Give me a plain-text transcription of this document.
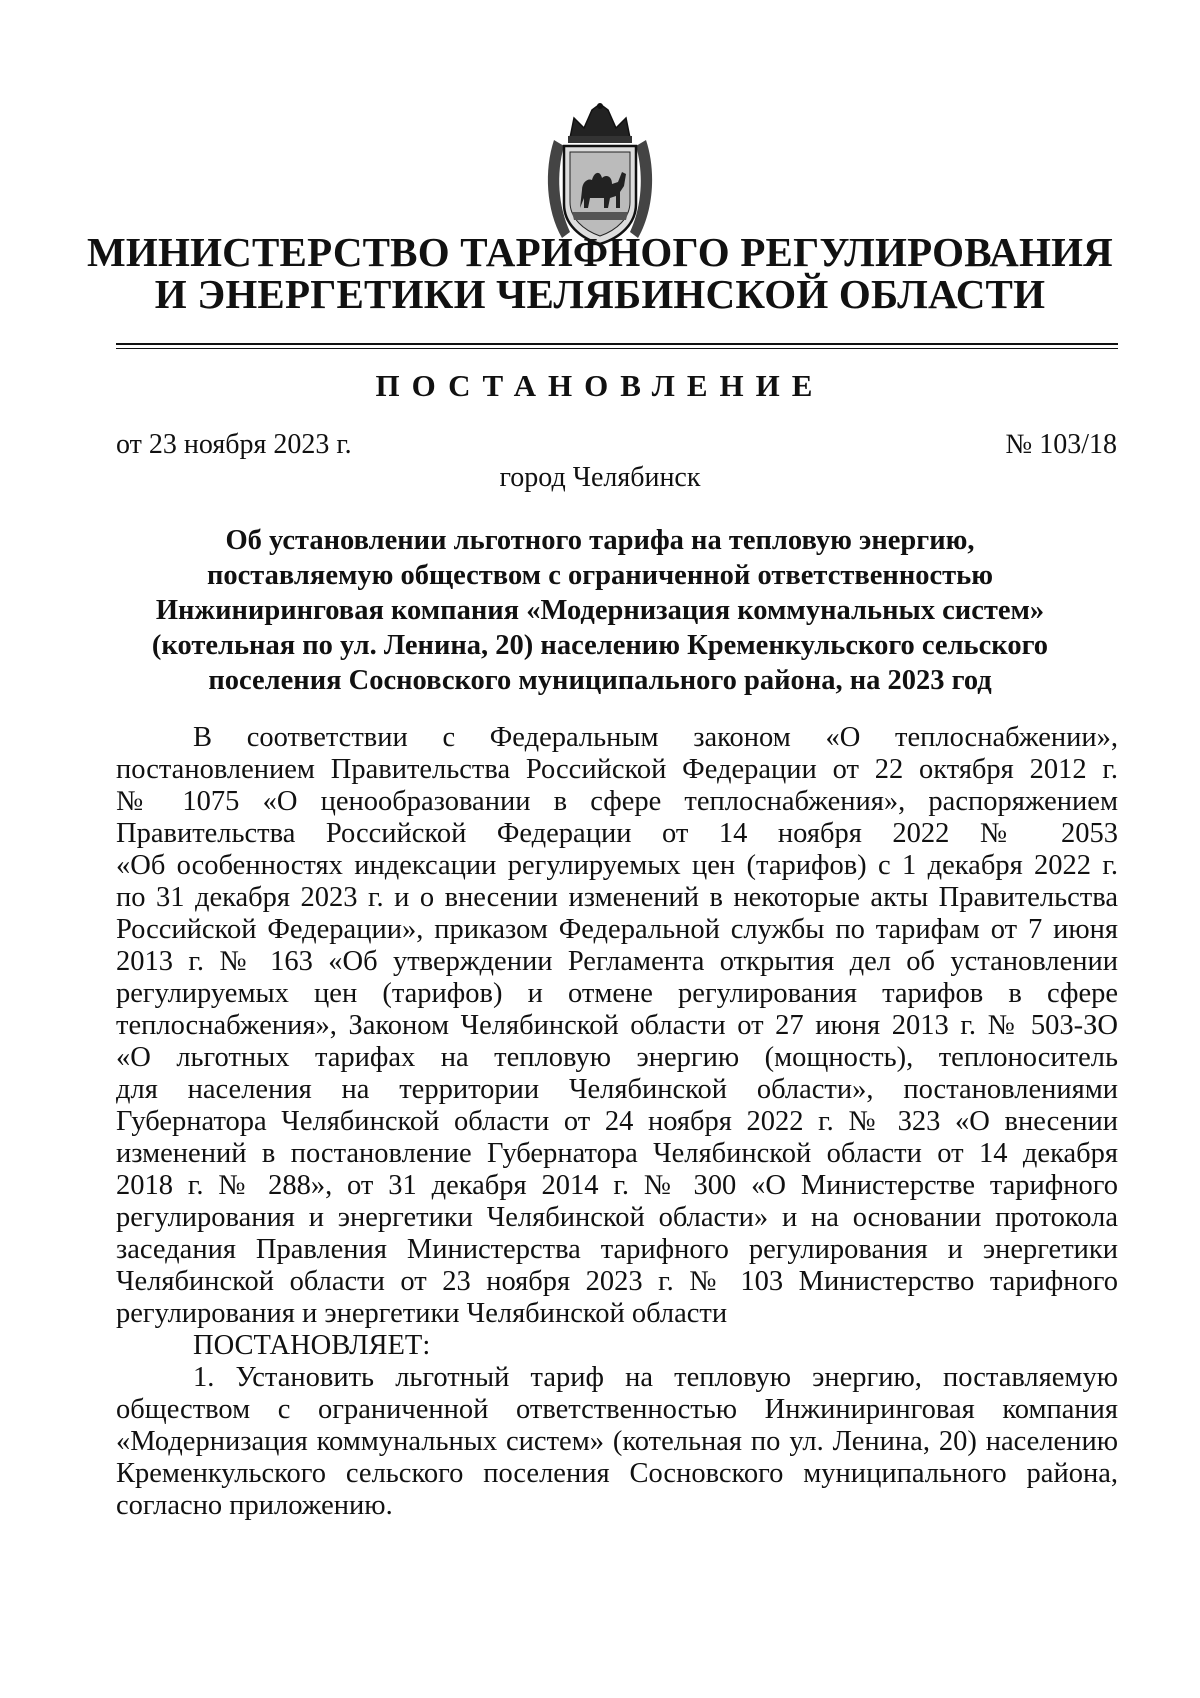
МИНИСТЕРСТВО ТАРИФНОГО РЕГУЛИРОВАНИЯ
И ЭНЕРГЕТИКИ ЧЕЛЯБИНСКОЙ ОБЛАСТИ
ПОСТАНОВЛЕНИЕ
от 23 ноября 2023 г.	№ 103/18
город Челябинск
Об установлении льготного тарифа на тепловую энергию,
поставляемую обществом с ограниченной ответственностью
Инжиниринговая компания «Модернизация коммунальных систем»
(котельная по ул. Ленина, 20) населению Кременкульского сельского
поселения Сосновского муниципального района, на 2023 год
В соответствии с Федеральным законом «О теплоснабжении»,
постановлением Правительства Российской Федерации от 22 октября 2012 г.
№ 1075 «О ценообразовании в сфере теплоснабжения», распоряжением
Правительства Российской Федерации от 14 ноября 2022 № 2053
«Об особенностях индексации регулируемых цен (тарифов) с 1 декабря 2022 г.
по 31 декабря 2023 г. и о внесении изменений в некоторые акты Правительства
Российской Федерации», приказом Федеральной службы по тарифам от 7 июня
2013 г. № 163 «Об утверждении Регламента открытия дел об установлении
регулируемых цен (тарифов) и отмене регулирования тарифов в сфере
теплоснабжения», Законом Челябинской области от 27 июня 2013 г. № 503-ЗО
«О льготных тарифах на тепловую энергию (мощность), теплоноситель
для населения на территории Челябинской области», постановлениями
Губернатора Челябинской области от 24 ноября 2022 г. № 323 «О внесении
изменений в постановление Губернатора Челябинской области от 14 декабря
2018 г. № 288», от 31 декабря 2014 г. № 300 «О Министерстве тарифного
регулирования и энергетики Челябинской области» и на основании протокола
заседания Правления Министерства тарифного регулирования и энергетики
Челябинской области от 23 ноября 2023 г. № 103 Министерство тарифного
регулирования и энергетики Челябинской области
ПОСТАНОВЛЯЕТ:
1. Установить льготный тариф на тепловую энергию, поставляемую
обществом с ограниченной ответственностью Инжиниринговая компания
«Модернизация коммунальных систем» (котельная по ул. Ленина, 20) населению
Кременкульского сельского поселения Сосновского муниципального района,
согласно приложению.
